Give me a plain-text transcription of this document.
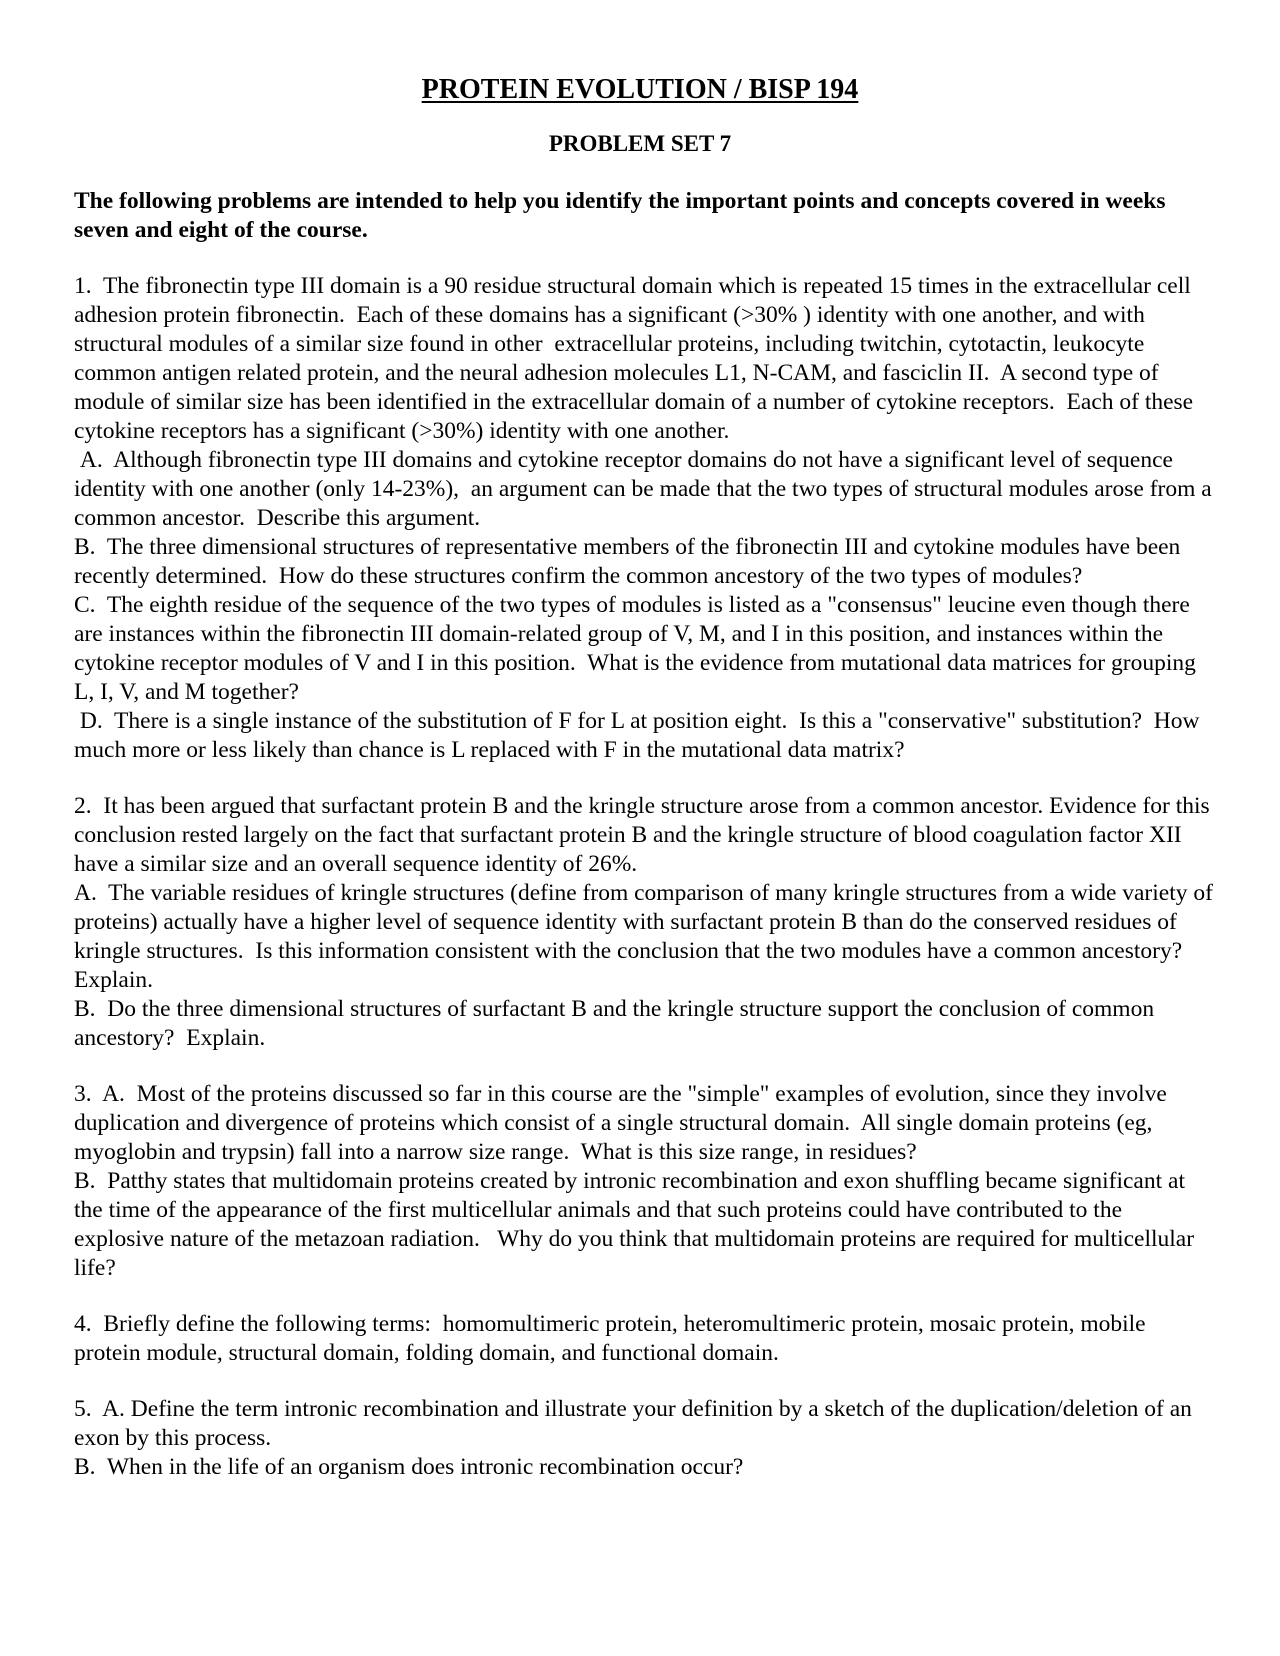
PROTEIN EVOLUTION / BISP 194
PROBLEM SET 7

The following problems are intended to help you identify the important points and concepts covered in weeks seven and eight of the course.

1.  The fibronectin type III domain is a 90 residue structural domain which is repeated 15 times in the extracellular cell adhesion protein fibronectin.  Each of these domains has a significant (>30% ) identity with one another, and with structural modules of a similar size found in other  extracellular proteins, including twitchin, cytotactin, leukocyte common antigen related protein, and the neural adhesion molecules L1, N-CAM, and fasciclin II.  A second type of module of similar size has been identified in the extracellular domain of a number of cytokine receptors.  Each of these cytokine receptors has a significant (>30%) identity with one another.

A.  Although fibronectin type III domains and cytokine receptor domains do not have a significant level of sequence identity with one another (only 14-23%),  an argument can be made that the two types of structural modules arose from a common ancestor.  Describe this argument.

B.  The three dimensional structures of representative members of the fibronectin III and cytokine modules have been recently determined.  How do these structures confirm the common ancestory of the two types of modules?

C.  The eighth residue of the sequence of the two types of modules is listed as a "consensus" leucine even though there are instances within the fibronectin III domain-related group of V, M, and I in this position, and instances within the cytokine receptor modules of V and I in this position.  What is the evidence from mutational data matrices for grouping L, I, V, and M together?

D.  There is a single instance of the substitution of F for L at position eight.  Is this a "conservative" substitution?  How much more or less likely than chance is L replaced with F in the mutational data matrix?

2.  It has been argued that surfactant protein B and the kringle structure arose from a common ancestor. Evidence for this conclusion rested largely on the fact that surfactant protein B and the kringle structure of blood coagulation factor XII have a similar size and an overall sequence identity of 26%.

A.  The variable residues of kringle structures (define from comparison of many kringle structures from a wide variety of proteins) actually have a higher level of sequence identity with surfactant protein B than do the conserved residues of kringle structures.  Is this information consistent with the conclusion that the two modules have a common ancestory? Explain.

B.  Do the three dimensional structures of surfactant B and the kringle structure support the conclusion of common ancestory?  Explain.

3.  A.  Most of the proteins discussed so far in this course are the "simple" examples of evolution, since they involve duplication and divergence of proteins which consist of a single structural domain.  All single domain proteins (eg, myoglobin and trypsin) fall into a narrow size range.  What is this size range, in residues?

B.  Patthy states that multidomain proteins created by intronic recombination and exon shuffling became significant at the time of the appearance of the first multicellular animals and that such proteins could have contributed to the explosive nature of the metazoan radiation.   Why do you think that multidomain proteins are required for multicellular life?

4.  Briefly define the following terms:  homomultimeric protein, heteromultimeric protein, mosaic protein, mobile protein module, structural domain, folding domain, and functional domain.

5.  A. Define the term intronic recombination and illustrate your definition by a sketch of the duplication/deletion of an exon by this process.

B.  When in the life of an organism does intronic recombination occur?
